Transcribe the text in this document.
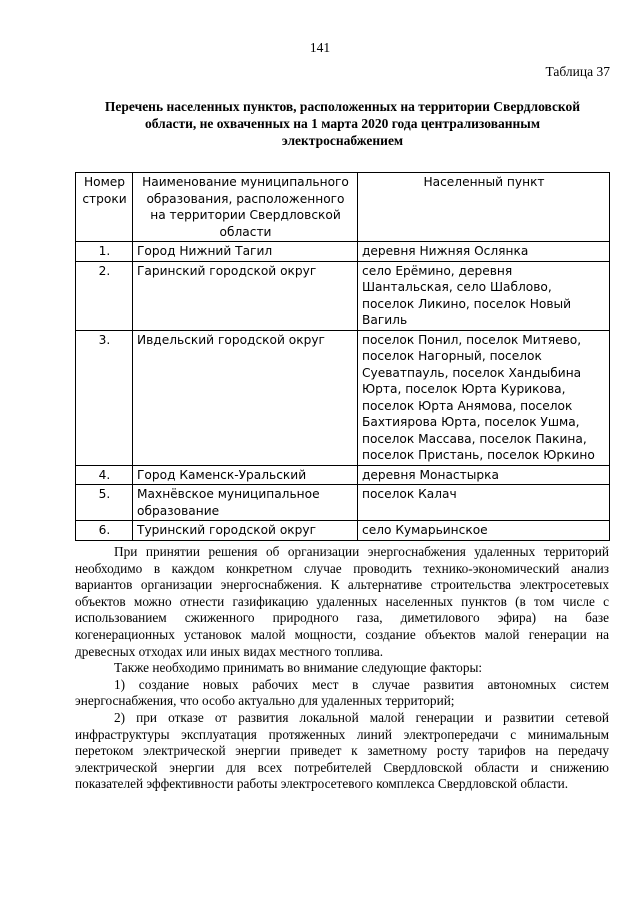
141
Таблица 37
Перечень населенных пунктов, расположенных на территории Свердловской области, не охваченных на 1 марта 2020 года централизованным электроснабжением
Номер строки	Наименование муниципального образования, расположенного на территории Свердловской области	Населенный пункт
1.	Город Нижний Тагил	деревня Нижняя Ослянка
2.	Гаринский городской округ	село Ерёмино, деревня Шантальская, село Шаблово, поселок Ликино, поселок Новый Вагиль
3.	Ивдельский городской округ	поселок Понил, поселок Митяево, поселок Нагорный, поселок Суеватпауль, поселок Хандыбина Юрта, поселок Юрта Курикова, поселок Юрта Анямова, поселок Бахтиярова Юрта, поселок Ушма, поселок Массава, поселок Пакина, поселок Пристань, поселок Юркино
4.	Город Каменск-Уральский	деревня Монастырка
5.	Махнёвское муниципальное образование	поселок Калач
6.	Туринский городской округ	село Кумарьинское

При принятии решения об организации энергоснабжения удаленных территорий необходимо в каждом конкретном случае проводить технико-экономический анализ вариантов организации энергоснабжения. К альтернативе строительства электросетевых объектов можно отнести газификацию удаленных населенных пунктов (в том числе с использованием сжиженного природного газа, диметилового эфира) на базе когенерационных установок малой мощности, создание объектов малой генерации на древесных отходах или иных видах местного топлива.

Также необходимо принимать во внимание следующие факторы:

1) создание новых рабочих мест в случае развития автономных систем энергоснабжения, что особо актуально для удаленных территорий;

2) при отказе от развития локальной малой генерации и развитии сетевой инфраструктуры эксплуатация протяженных линий электропередачи с минимальным перетоком электрической энергии приведет к заметному росту тарифов на передачу электрической энергии для всех потребителей Свердловской области и снижению показателей эффективности работы электросетевого комплекса Свердловской области.
